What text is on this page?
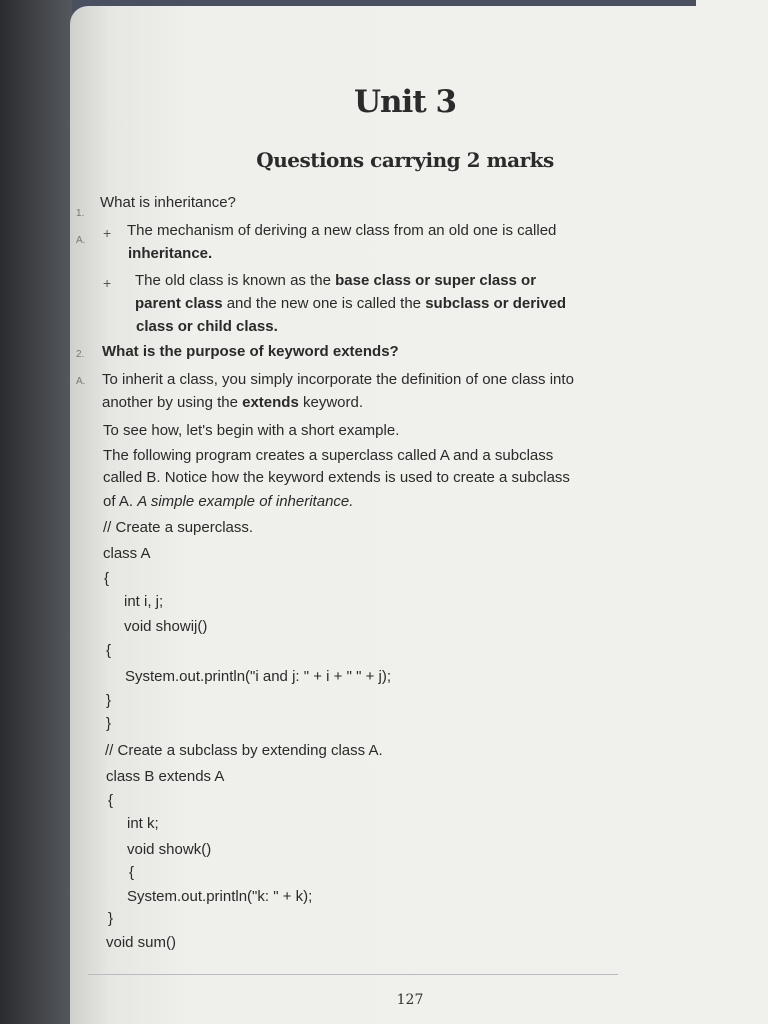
Unit 3
Questions carrying 2 marks
1.
What is inheritance?
A. + The mechanism of deriving a new class from an old one is called
inheritance.
+ The old class is known as the base class or super class or
parent class and the new one is called the subclass or derived
class or child class.
2. What is the purpose of keyword extends?
A. To inherit a class, you simply incorporate the definition of one class into
another by using the extends keyword.
To see how, let's begin with a short example.
The following program creates a superclass called A and a subclass
called B. Notice how the keyword extends is used to create a subclass
of A. A simple example of inheritance.
// Create a superclass.
class A
{
int i, j;
void showij()
{
System.out.println("i and j: " + i + " " + j);
}
}
// Create a subclass by extending class A.
class B extends A
{
int k;
void showk()
{
System.out.println("k: " + k);
}
void sum()
127
